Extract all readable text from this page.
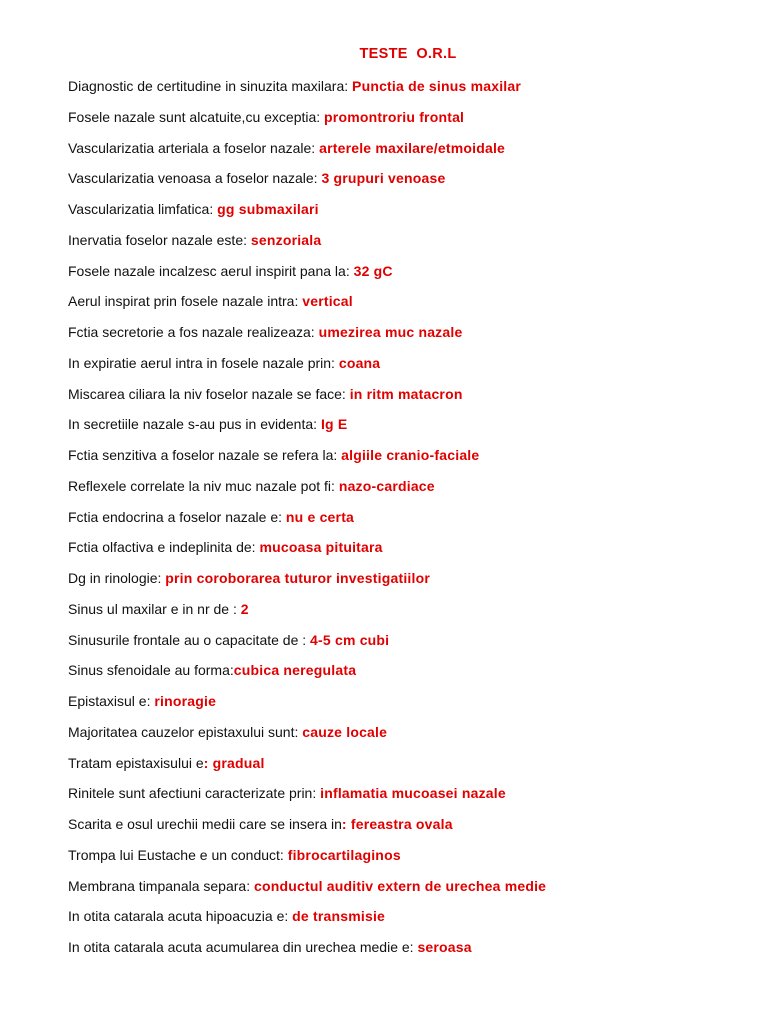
TESTE  O.R.L
Diagnostic de certitudine in sinuzita maxilara: Punctia de sinus maxilar
Fosele nazale sunt alcatuite,cu exceptia: promontroriu frontal
Vascularizatia arteriala a foselor nazale: arterele maxilare/etmoidale
Vascularizatia venoasa a foselor nazale: 3 grupuri venoase
Vascularizatia limfatica: gg submaxilari
Inervatia foselor nazale este: senzoriala
Fosele nazale incalzesc aerul inspirit pana la: 32 gC
Aerul inspirat prin fosele nazale intra: vertical
Fctia secretorie a fos nazale realizeaza: umezirea muc nazale
In expiratie aerul intra in fosele nazale prin: coana
Miscarea ciliara la niv foselor nazale se face: in ritm matacron
In secretiile nazale s-au pus in evidenta: Ig E
Fctia senzitiva a foselor nazale se refera la: algiile cranio-faciale
Reflexele correlate la niv muc nazale pot fi: nazo-cardiace
Fctia endocrina a foselor nazale e: nu e certa
Fctia olfactiva e indeplinita de: mucoasa pituitara
Dg in rinologie: prin coroborarea tuturor investigatiilor
Sinus ul maxilar e in nr de : 2
Sinusurile frontale au o capacitate de : 4-5 cm cubi
Sinus sfenoidale au forma:cubica neregulata
Epistaxisul e: rinoragie
Majoritatea cauzelor epistaxului sunt: cauze locale
Tratam epistaxisului e: gradual
Rinitele sunt afectiuni caracterizate prin: inflamatia mucoasei nazale
Scarita e osul urechii medii care se insera in: fereastra ovala
Trompa lui Eustache e un conduct: fibrocartilaginos
Membrana timpanala separa: conductul auditiv extern de urechea medie
In otita catarala acuta hipoacuzia e: de transmisie
In otita catarala acuta acumularea din urechea medie e: seroasa
